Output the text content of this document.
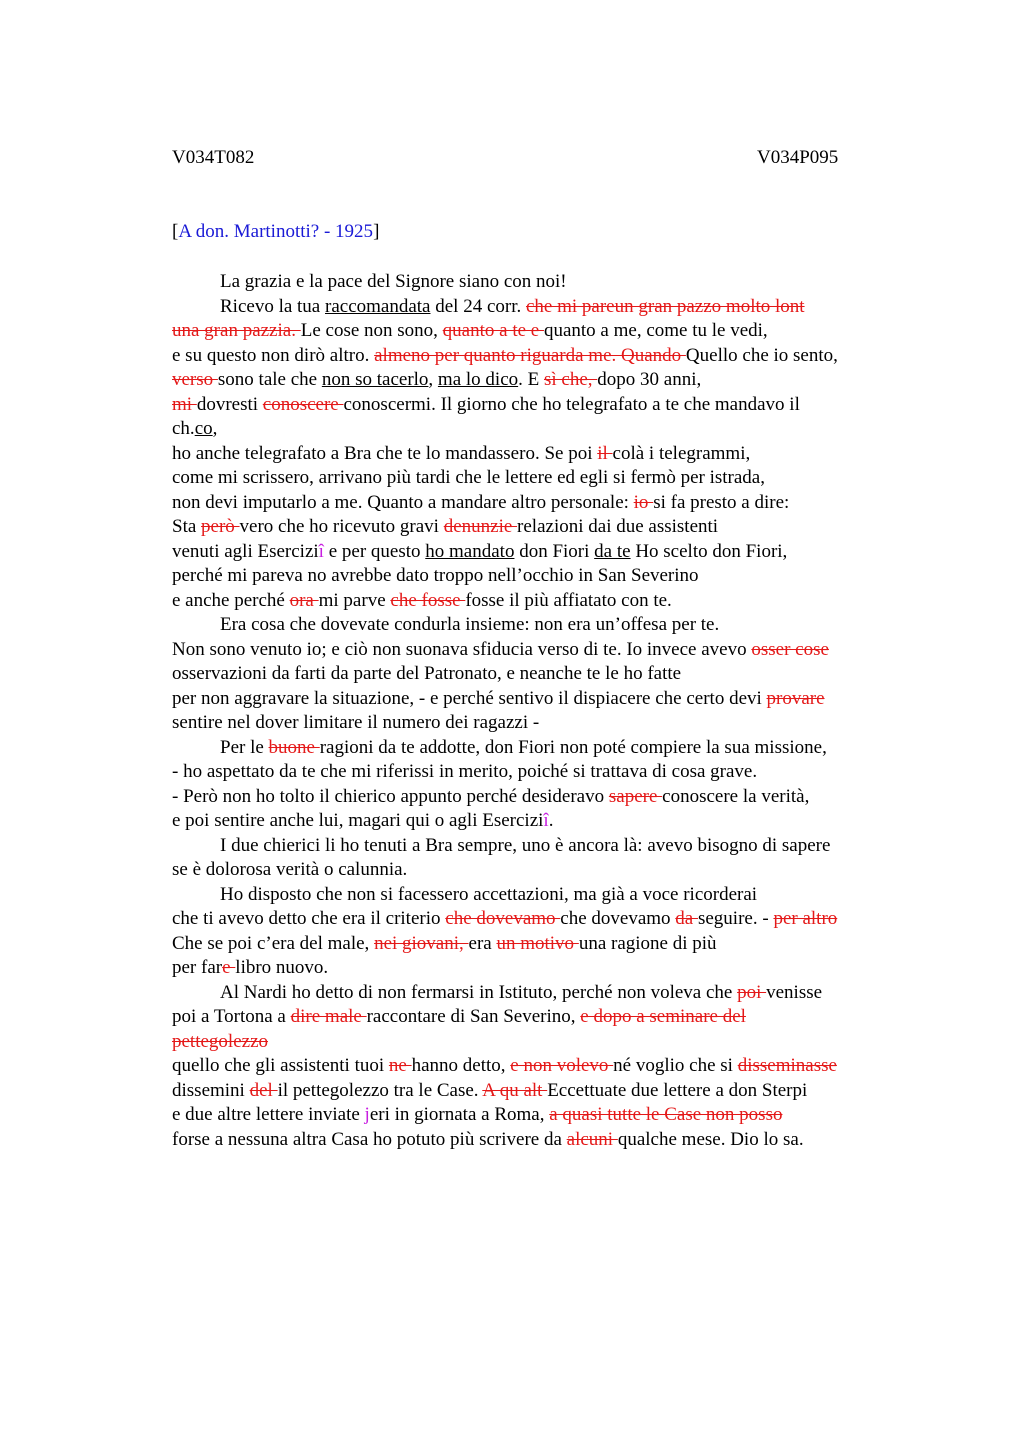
V034T082	V034P095
[A don. Martinotti? - 1925]
La grazia e la pace del Signore siano con noi!
Ricevo la tua raccomandata del 24 corr. che mi pareun gran pazzo molto lont
una gran pazzia. Le cose non sono, quanto a te e quanto a me, come tu le vedi,
e su questo non dirò altro. almeno per quanto riguarda me. Quando Quello che io sento,
verso sono tale che non so tacerlo, ma lo dico. E sì che, dopo 30 anni,
mi dovresti conoscere conoscermi. Il giorno che ho telegrafato a te che mandavo il
ch.co,
ho anche telegrafato a Bra che te lo mandassero. Se poi il colà i telegrammi,
come mi scrissero, arrivano più tardi che le lettere ed egli si fermò per istrada,
non devi imputarlo a me. Quanto a mandare altro personale: io si fa presto a dire:
Sta però vero che ho ricevuto gravi denunzie relazioni dai due assistenti
venuti agli Eserciziî e per questo ho mandato don Fiori da te Ho scelto don Fiori,
perché mi pareva no avrebbe dato troppo nell’occhio in San Severino
e anche perché ora mi parve che fosse fosse il più affiatato con te.
Era cosa che dovevate condurla insieme: non era un’offesa per te.
Non sono venuto io; e ciò non suonava sfiducia verso di te. Io invece avevo osser cose
osservazioni da farti da parte del Patronato, e neanche te le ho fatte
per non aggravare la situazione, - e perché sentivo il dispiacere che certo devi provare
sentire nel dover limitare il numero dei ragazzi -
Per le buone ragioni da te addotte, don Fiori non poté compiere la sua missione,
- ho aspettato da te che mi riferissi in merito, poiché si trattava di cosa grave.
- Però non ho tolto il chierico appunto perché desideravo sapere conoscere la verità,
e poi sentire anche lui, magari qui o agli Eserciziî.
I due chierici li ho tenuti a Bra sempre, uno è ancora là: avevo bisogno di sapere
se è dolorosa verità o calunnia.
Ho disposto che non si facessero accettazioni, ma già a voce ricorderai
che ti avevo detto che era il criterio che dovevamo che dovevamo da seguire. - per altro
Che se poi c’era del male, nei giovani, era un motivo una ragione di più
per fare libro nuovo.
Al Nardi ho detto di non fermarsi in Istituto, perché non voleva che poi venisse
poi a Tortona a dire male raccontare di San Severino, e dopo a seminare del
pettegolezzo
quello che gli assistenti tuoi ne hanno detto, e non volevo né voglio che si disseminasse
dissemini del il pettegolezzo tra le Case. A qu alt Eccettuate due lettere a don Sterpi
e due altre lettere inviate jeri in giornata a Roma, a quasi tutte le Case non posso
forse a nessuna altra Casa ho potuto più scrivere da alcuni qualche mese. Dio lo sa.
